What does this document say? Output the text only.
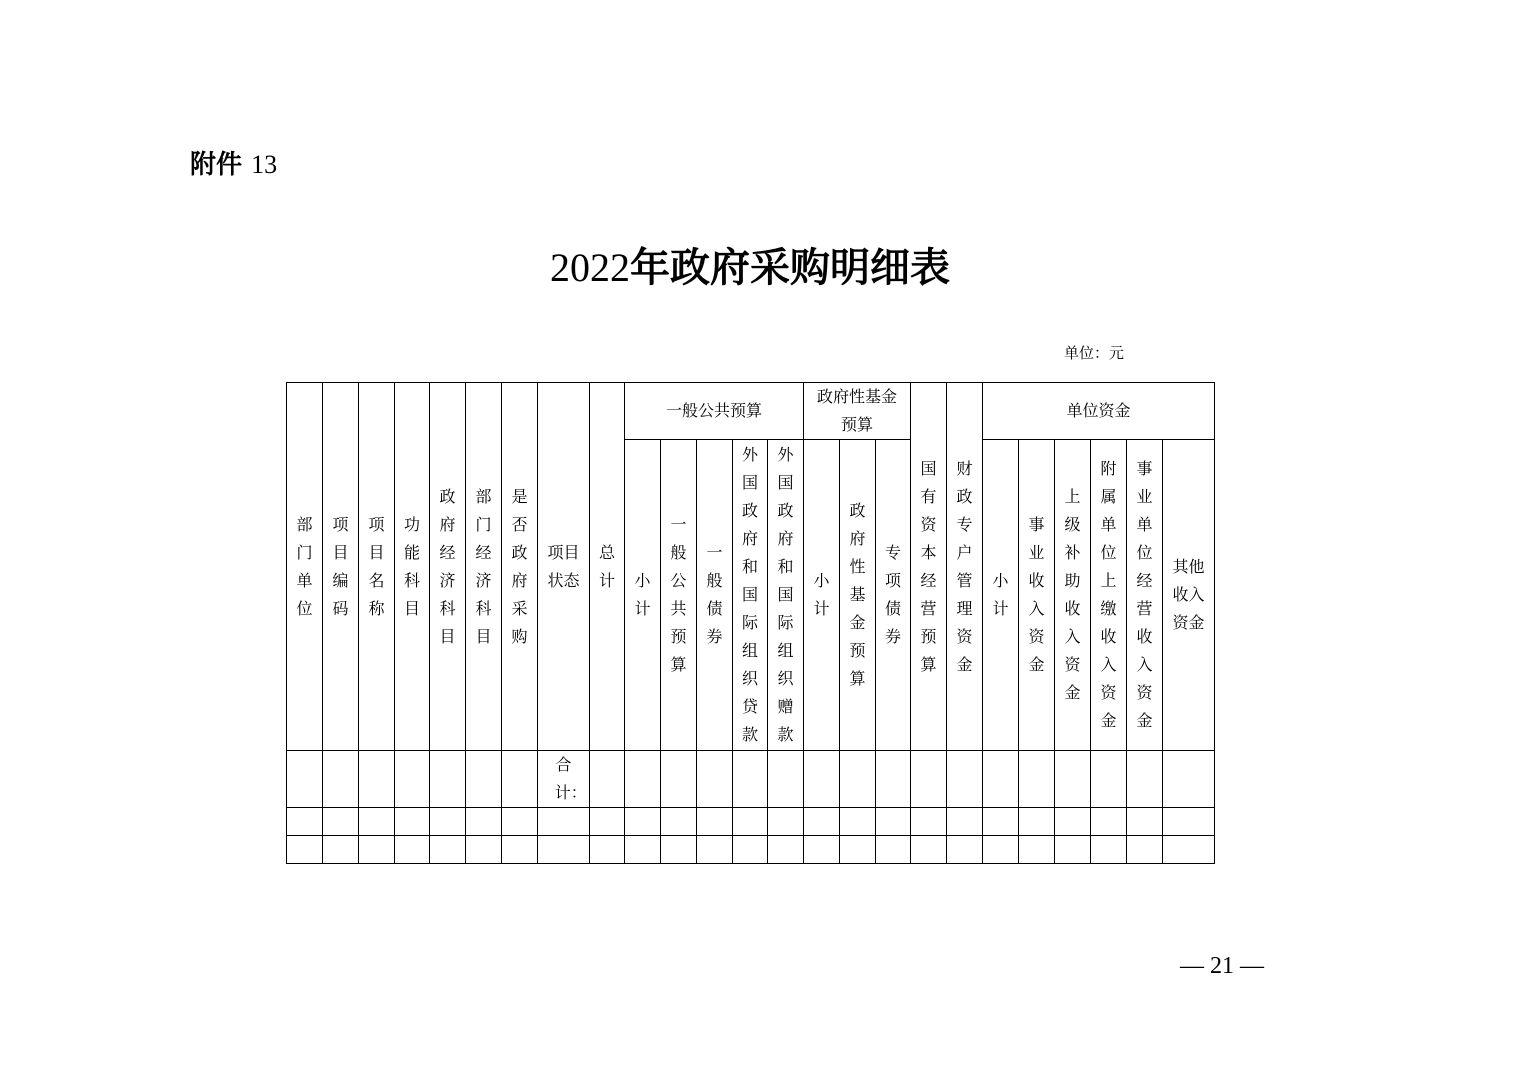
附件 13
2022年政府采购明细表
单位：元
部门单位	项目编码	项目名称	功能科目	政府经济科目	部门经济科目	是否政府采购	项目状态	总计	一般公共预算					政府性基金预算			国有资本经营预算	财政专户管理资金	单位资金					
									小计	一般公共预算	一般债券	外国政府和国际组织贷款	外国政府和国际组织赠款	小计	政府性基金预算	专项债券			小计	事业收入资金	上级补助收入资金	附属单位上缴收入资金	事业单位经营收入资金	其他收入资金
							合计：																	

— 21 —
